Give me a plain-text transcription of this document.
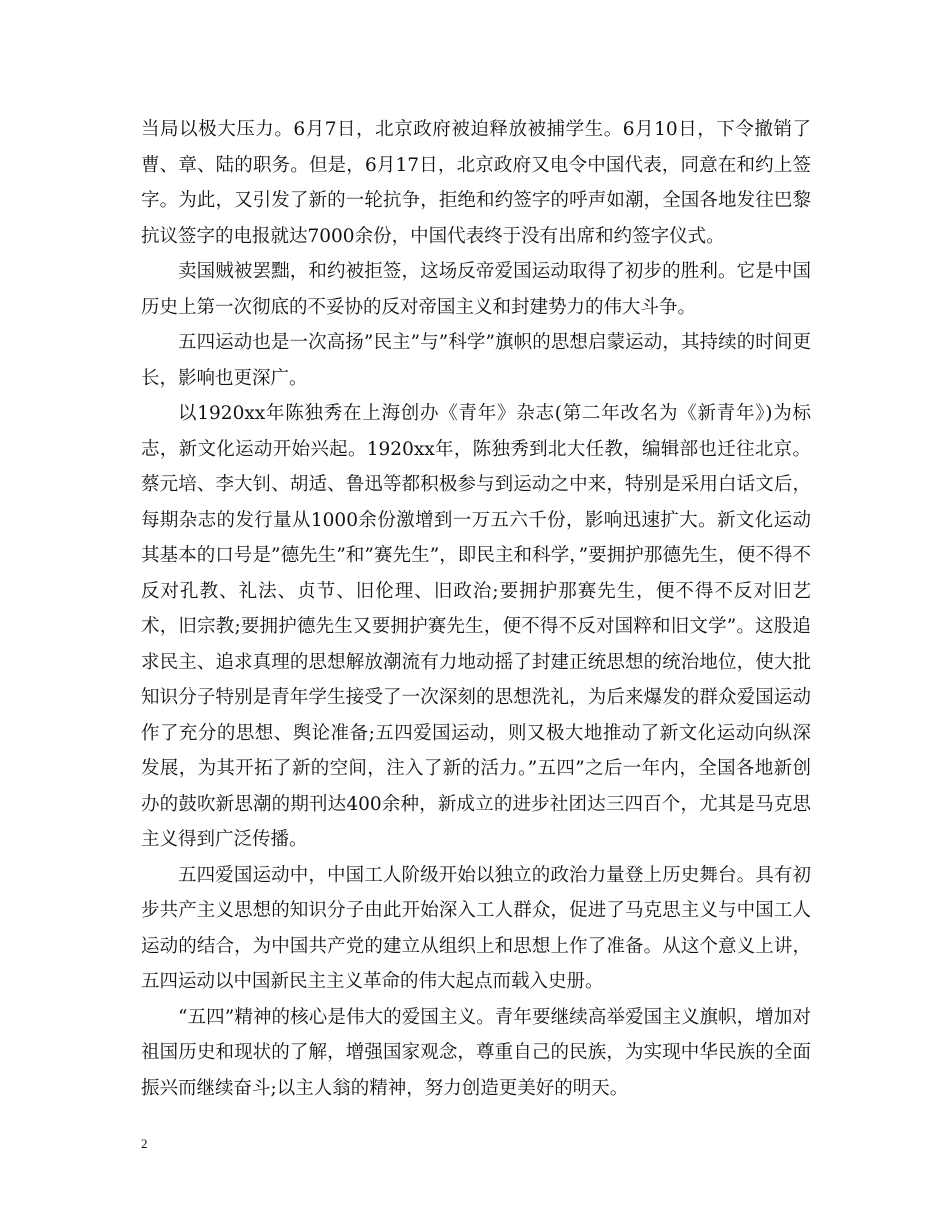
当局以极大压力。6月7日，北京政府被迫释放被捕学生。6月10日，下令撤销了曹、章、陆的职务。但是，6月17日，北京政府又电令中国代表，同意在和约上签字。为此，又引发了新的一轮抗争，拒绝和约签字的呼声如潮，全国各地发往巴黎抗议签字的电报就达7000余份，中国代表终于没有出席和约签字仪式。

卖国贼被罢黜，和约被拒签，这场反帝爱国运动取得了初步的胜利。它是中国历史上第一次彻底的不妥协的反对帝国主义和封建势力的伟大斗争。

五四运动也是一次高扬”民主”与”科学”旗帜的思想启蒙运动，其持续的时间更长，影响也更深广。

以1920xx年陈独秀在上海创办《青年》杂志(第二年改名为《新青年》)为标志，新文化运动开始兴起。1920xx年，陈独秀到北大任教，编辑部也迁往北京。蔡元培、李大钊、胡适、鲁迅等都积极参与到运动之中来，特别是采用白话文后，每期杂志的发行量从1000余份激增到一万五六千份，影响迅速扩大。新文化运动其基本的口号是”德先生”和”赛先生”，即民主和科学，”要拥护那德先生，便不得不反对孔教、礼法、贞节、旧伦理、旧政治;要拥护那赛先生，便不得不反对旧艺术，旧宗教;要拥护德先生又要拥护赛先生，便不得不反对国粹和旧文学”。这股追求民主、追求真理的思想解放潮流有力地动摇了封建正统思想的统治地位，使大批知识分子特别是青年学生接受了一次深刻的思想洗礼，为后来爆发的群众爱国运动作了充分的思想、舆论准备;五四爱国运动，则又极大地推动了新文化运动向纵深发展，为其开拓了新的空间，注入了新的活力。”五四”之后一年内，全国各地新创办的鼓吹新思潮的期刊达400余种，新成立的进步社团达三四百个，尤其是马克思主义得到广泛传播。

五四爱国运动中，中国工人阶级开始以独立的政治力量登上历史舞台。具有初步共产主义思想的知识分子由此开始深入工人群众，促进了马克思主义与中国工人运动的结合，为中国共产党的建立从组织上和思想上作了准备。从这个意义上讲，五四运动以中国新民主主义革命的伟大起点而载入史册。

“五四”精神的核心是伟大的爱国主义。青年要继续高举爱国主义旗帜，增加对祖国历史和现状的了解，增强国家观念，尊重自己的民族，为实现中华民族的全面振兴而继续奋斗;以主人翁的精神，努力创造更美好的明天。

2
